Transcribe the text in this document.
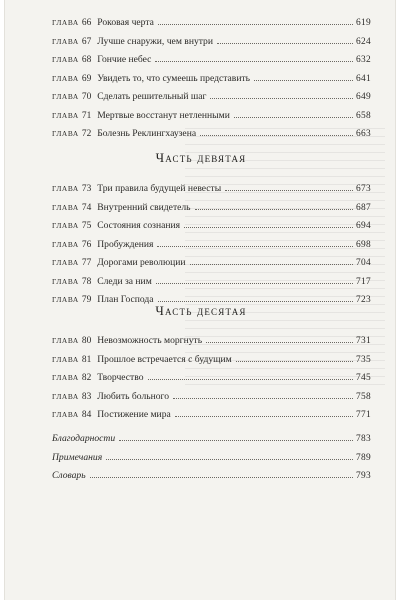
ГЛАВА 66 Роковая черта	619
ГЛАВА 67 Лучше снаружи, чем внутри	624
ГЛАВА 68 Гончие небес	632
ГЛАВА 69 Увидеть то, что сумеешь представить	641
ГЛАВА 70 Сделать решительный шаг	649
ГЛАВА 71 Мертвые восстанут нетленными	658
ГЛАВА 72 Болезнь Реклингхаузена	663
Часть девятая
ГЛАВА 73 Три правила будущей невесты	673
ГЛАВА 74 Внутренний свидетель	687
ГЛАВА 75 Состояния сознания	694
ГЛАВА 76 Пробуждения	698
ГЛАВА 77 Дорогами революции	704
ГЛАВА 78 Следи за ним	717
ГЛАВА 79 План Господа	723
Часть десятая
ГЛАВА 80 Невозможность моргнуть	731
ГЛАВА 81 Прошлое встречается с будущим	735
ГЛАВА 82 Творчество	745
ГЛАВА 83 Любить больного	758
ГЛАВА 84 Постижение мира	771
Благодарности	783
Примечания	789
Словарь	793
